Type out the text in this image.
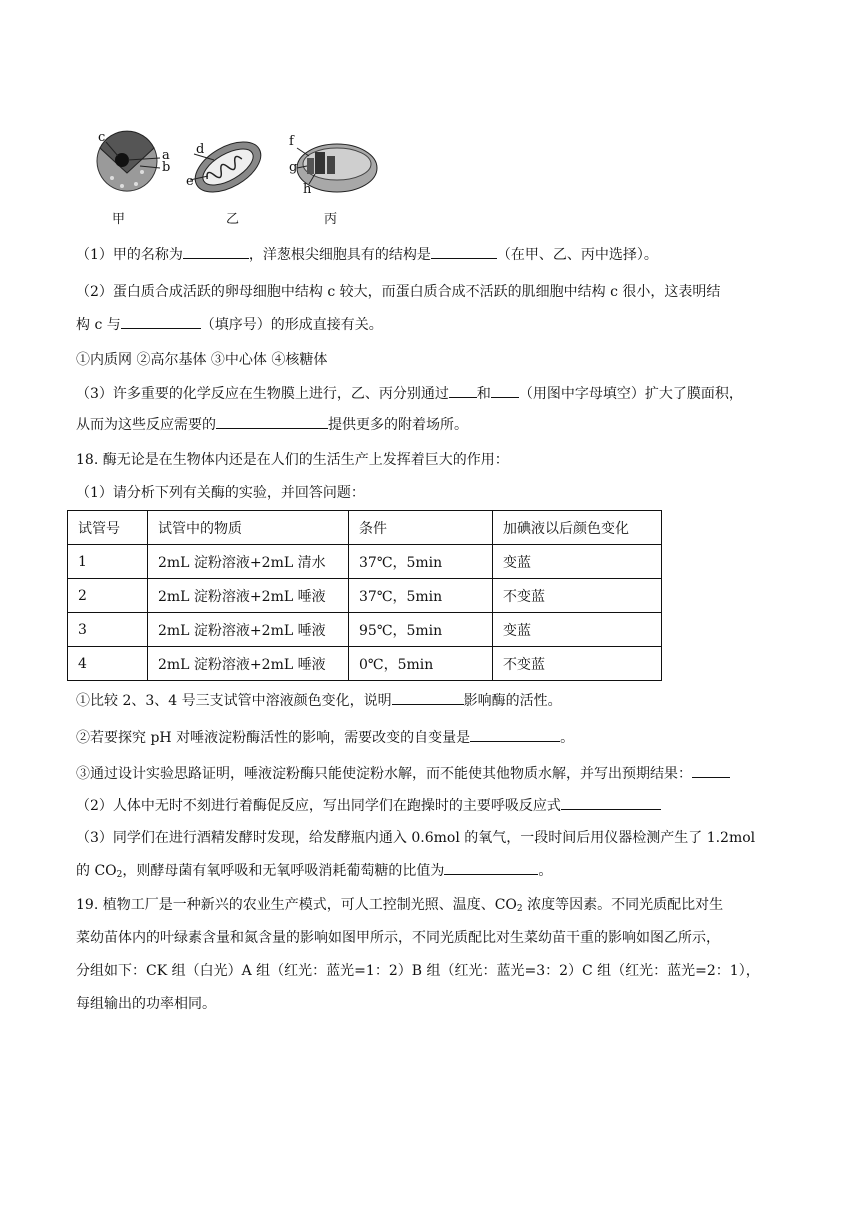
c
a
b
d
e
f
g
h
甲	乙	丙
（1）甲的名称为	，洋葱根尖细胞具有的结构是	（在甲、乙、丙中选择）。
（2）蛋白质合成活跃的卵母细胞中结构 c 较大，而蛋白质合成不活跃的肌细胞中结构 c 很小，这表明结
构 c 与	（填序号）的形成直接有关。
①内质网 ②高尔基体 ③中心体 ④核糖体
（3）许多重要的化学反应在生物膜上进行，乙、丙分别通过 和 （用图中字母填空）扩大了膜面积，
从而为这些反应需要的	提供更多的附着场所。
18. 酶无论是在生物体内还是在人们的生活生产上发挥着巨大的作用：
（1）请分析下列有关酶的实验，并回答问题：
试管号	试管中的物质	条件	加碘液以后颜色变化
1	2mL 淀粉溶液+2mL 清水	37℃，5min	变蓝
2	2mL 淀粉溶液+2mL 唾液	37℃，5min	不变蓝
3	2mL 淀粉溶液+2mL 唾液	95℃，5min	变蓝
4	2mL 淀粉溶液+2mL 唾液	0℃，5min	不变蓝
①比较 2、3、4 号三支试管中溶液颜色变化，说明	影响酶的活性。
②若要探究 pH 对唾液淀粉酶活性的影响，需要改变的自变量是	。
③通过设计实验思路证明，唾液淀粉酶只能使淀粉水解，而不能使其他物质水解，并写出预期结果：
（2）人体中无时不刻进行着酶促反应，写出同学们在跑操时的主要呼吸反应式
（3）同学们在进行酒精发酵时发现，给发酵瓶内通入 0.6mol 的氧气，一段时间后用仪器检测产生了 1.2mol
的 $CO_2$，则酵母菌有氧呼吸和无氧呼吸消耗葡萄糖的比值为	。
19. 植物工厂是一种新兴的农业生产模式，可人工控制光照、温度、$CO_2$ 浓度等因素。不同光质配比对生
菜幼苗体内的叶绿素含量和氮含量的影响如图甲所示，不同光质配比对生菜幼苗干重的影响如图乙所示，
分组如下：CK 组（白光）A 组（红光：蓝光=1：2）B 组（红光：蓝光=3：2）C 组（红光：蓝光=2：1），
每组输出的功率相同。
